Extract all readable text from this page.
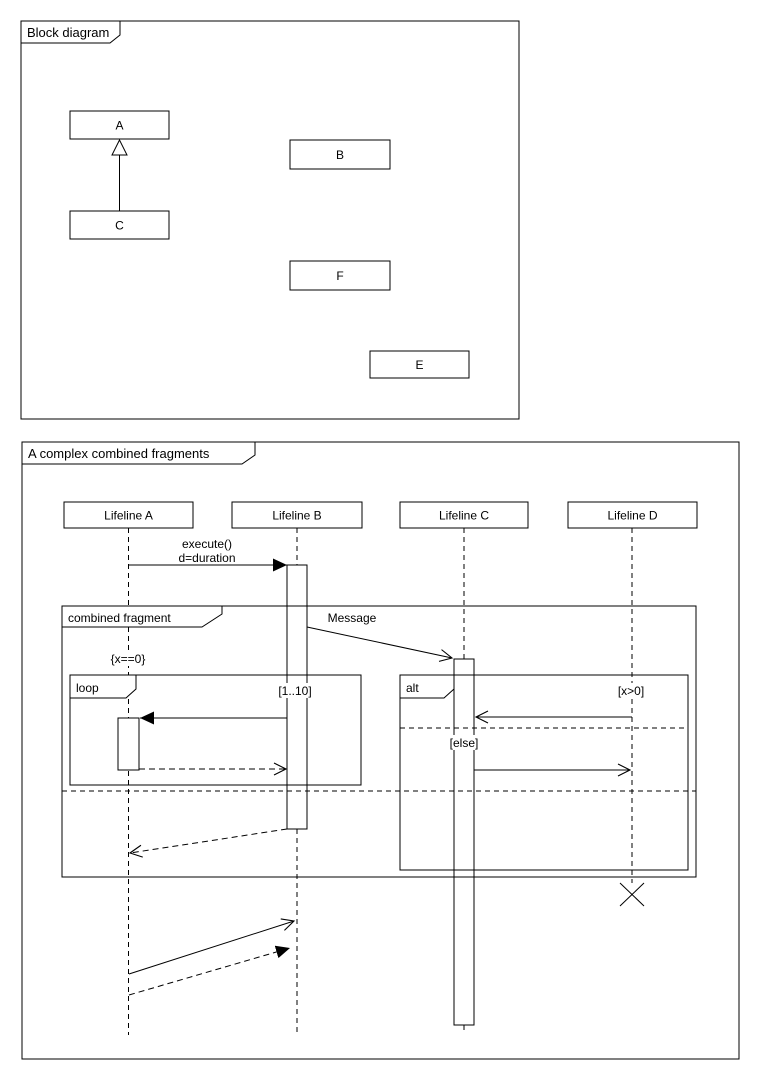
Block diagram
A
B
C
F
E
A complex combined fragments
combined fragment
loop	[1..10]
{x==0}
alt	[x>0]
[else]
Lifeline A	Lifeline B	Lifeline C	Lifeline D
execute()
d=duration
Message
